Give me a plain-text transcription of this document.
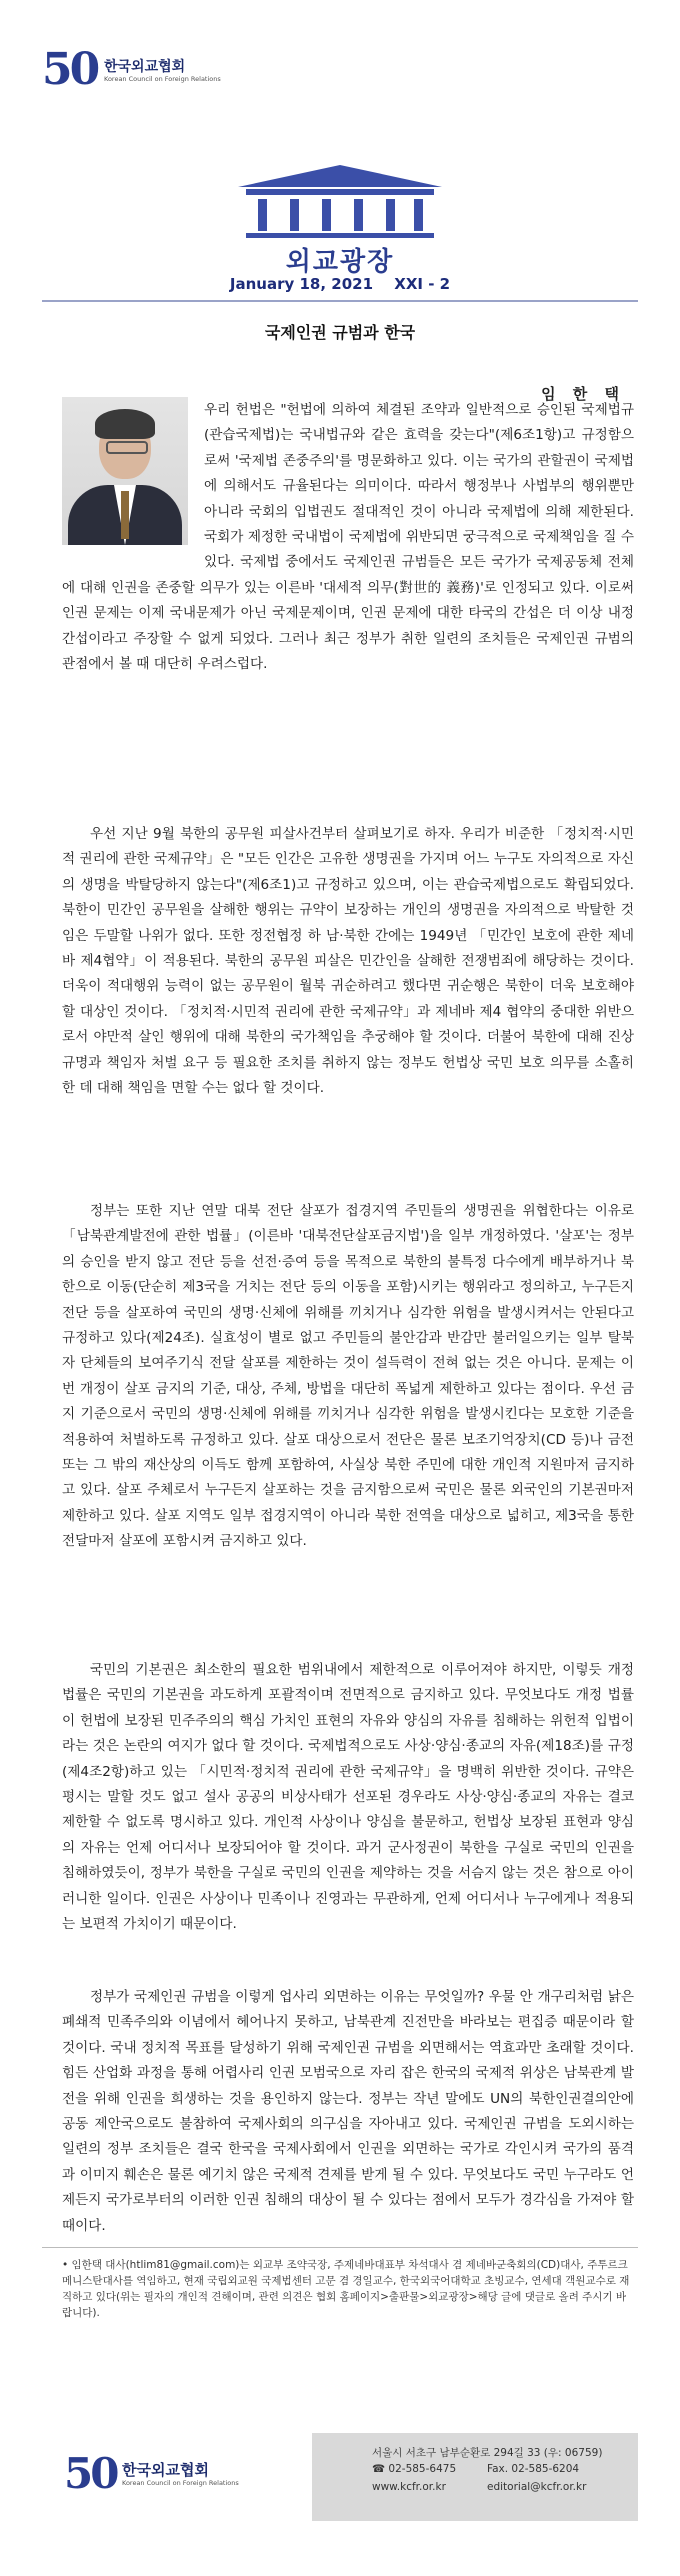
50 한국외교협회
Korean Council on Foreign Relations
외교광장
January 18, 2021 XXI - 2
국제인권 규범과 한국
임 한 택
우리 헌법은 "헌법에 의하여 체결된 조약과 일반적으로 승인된 국제법규(관습국제법)는 국내법규와 같은 효력을 갖는다"(제6조1항)고 규정함으로써 '국제법 존중주의'를 명문화하고 있다. 이는 국가의 관할권이 국제법에 의해서도 규율된다는 의미이다. 따라서 행정부나 사법부의 행위뿐만 아니라 국회의 입법권도 절대적인 것이 아니라 국제법에 의해 제한된다. 국회가 제정한 국내법이 국제법에 위반되면 궁극적으로 국제책임을 질 수 있다. 국제법 중에서도 국제인권 규범들은 모든 국가가 국제공동체 전체에 대해 인권을 존중할 의무가 있는 이른바 '대세적 의무(對世的 義務)'로 인정되고 있다. 이로써 인권 문제는 이제 국내문제가 아닌 국제문제이며, 인권 문제에 대한 타국의 간섭은 더 이상 내정간섭이라고 주장할 수 없게 되었다. 그러나 최근 정부가 취한 일련의 조치들은 국제인권 규범의 관점에서 볼 때 대단히 우려스럽다.
우선 지난 9월 북한의 공무원 피살사건부터 살펴보기로 하자. 우리가 비준한 「정치적·시민적 권리에 관한 국제규약」은 "모든 인간은 고유한 생명권을 가지며 어느 누구도 자의적으로 자신의 생명을 박탈당하지 않는다"(제6조1)고 규정하고 있으며, 이는 관습국제법으로도 확립되었다. 북한이 민간인 공무원을 살해한 행위는 규약이 보장하는 개인의 생명권을 자의적으로 박탈한 것임은 두말할 나위가 없다. 또한 정전협정 하 남·북한 간에는 1949년 「민간인 보호에 관한 제네바 제4협약」이 적용된다. 북한의 공무원 피살은 민간인을 살해한 전쟁범죄에 해당하는 것이다. 더욱이 적대행위 능력이 없는 공무원이 월북 귀순하려고 했다면 귀순행은 북한이 더욱 보호해야 할 대상인 것이다. 「정치적·시민적 권리에 관한 국제규약」과 제네바 제4 협약의 중대한 위반으로서 야만적 살인 행위에 대해 북한의 국가책임을 추궁해야 할 것이다. 더불어 북한에 대해 진상 규명과 책임자 처벌 요구 등 필요한 조치를 취하지 않는 정부도 헌법상 국민 보호 의무를 소홀히 한 데 대해 책임을 면할 수는 없다 할 것이다.
정부는 또한 지난 연말 대북 전단 살포가 접경지역 주민들의 생명권을 위협한다는 이유로 「남북관계발전에 관한 법률」(이른바 '대북전단살포금지법')을 일부 개정하였다. '살포'는 정부의 승인을 받지 않고 전단 등을 선전·증여 등을 목적으로 북한의 불특정 다수에게 배부하거나 북한으로 이동(단순히 제3국을 거치는 전단 등의 이동을 포함)시키는 행위라고 정의하고, 누구든지 전단 등을 살포하여 국민의 생명·신체에 위해를 끼치거나 심각한 위험을 발생시켜서는 안된다고 규정하고 있다(제24조). 실효성이 별로 없고 주민들의 불안감과 반감만 불러일으키는 일부 탈북자 단체들의 보여주기식 전달 살포를 제한하는 것이 설득력이 전혀 없는 것은 아니다. 문제는 이번 개정이 살포 금지의 기준, 대상, 주체, 방법을 대단히 폭넓게 제한하고 있다는 점이다. 우선 금지 기준으로서 국민의 생명·신체에 위해를 끼치거나 심각한 위험을 발생시킨다는 모호한 기준을 적용하여 처벌하도록 규정하고 있다. 살포 대상으로서 전단은 물론 보조기억장치(CD 등)나 금전 또는 그 밖의 재산상의 이득도 함께 포함하여, 사실상 북한 주민에 대한 개인적 지원마저 금지하고 있다. 살포 주체로서 누구든지 살포하는 것을 금지함으로써 국민은 물론 외국인의 기본권마저 제한하고 있다. 살포 지역도 일부 접경지역이 아니라 북한 전역을 대상으로 넓히고, 제3국을 통한 전달마저 살포에 포함시켜 금지하고 있다.
국민의 기본권은 최소한의 필요한 범위내에서 제한적으로 이루어져야 하지만, 이렇듯 개정 법률은 국민의 기본권을 과도하게 포괄적이며 전면적으로 금지하고 있다. 무엇보다도 개정 법률이 헌법에 보장된 민주주의의 핵심 가치인 표현의 자유와 양심의 자유를 침해하는 위헌적 입법이라는 것은 논란의 여지가 없다 할 것이다. 국제법적으로도 사상·양심·종교의 자유(제18조)를 규정(제4조2항)하고 있는 「시민적·정치적 권리에 관한 국제규약」을 명백히 위반한 것이다. 규약은 평시는 말할 것도 없고 설사 공공의 비상사태가 선포된 경우라도 사상·양심·종교의 자유는 결코 제한할 수 없도록 명시하고 있다. 개인적 사상이나 양심을 불문하고, 헌법상 보장된 표현과 양심의 자유는 언제 어디서나 보장되어야 할 것이다. 과거 군사정권이 북한을 구실로 국민의 인권을 침해하였듯이, 정부가 북한을 구실로 국민의 인권을 제약하는 것을 서슴지 않는 것은 참으로 아이러니한 일이다. 인권은 사상이나 민족이나 진영과는 무관하게, 언제 어디서나 누구에게나 적용되는 보편적 가치이기 때문이다.
정부가 국제인권 규범을 이렇게 업사리 외면하는 이유는 무엇일까? 우물 안 개구리처럼 낡은 폐쇄적 민족주의와 이념에서 헤어나지 못하고, 남북관계 진전만을 바라보는 편집증 때문이라 할 것이다. 국내 정치적 목표를 달성하기 위해 국제인권 규범을 외면해서는 역효과만 초래할 것이다. 힘든 산업화 과정을 통해 어렵사리 인권 모범국으로 자리 잡은 한국의 국제적 위상은 남북관계 발전을 위해 인권을 희생하는 것을 용인하지 않는다. 정부는 작년 말에도 UN의 북한인권결의안에 공동 제안국으로도 불참하여 국제사회의 의구심을 자아내고 있다. 국제인권 규범을 도외시하는 일련의 정부 조치들은 결국 한국을 국제사회에서 인권을 외면하는 국가로 각인시켜 국가의 품격과 이미지 훼손은 물론 예기치 않은 국제적 견제를 받게 될 수 있다. 무엇보다도 국민 누구라도 언제든지 국가로부터의 이러한 인권 침해의 대상이 될 수 있다는 점에서 모두가 경각심을 가져야 할 때이다.
• 임한택 대사(htlim81@gmail.com)는 외교부 조약국장, 주제네바대표부 차석대사 겸 제네바군축회의(CD)대사, 주투르크메니스탄대사를 역임하고, 현재 국립외교원 국제법센터 고문 겸 경일교수, 한국외국어대학교 초빙교수, 연세대 객원교수로 재직하고 있다(위는 필자의 개인적 견해이며, 관련 의견은 협회 홈페이지>출판물>외교광장>해당 글에 댓글로 올려 주시기 바랍니다).
50 한국외교협회
Korean Council on Foreign Relations
서울시 서초구 남부순환로 294길 33 (우: 06759)
☎ 02-585-6475	Fax. 02-585-6204
www.kcfr.or.kr	editorial@kcfr.or.kr
